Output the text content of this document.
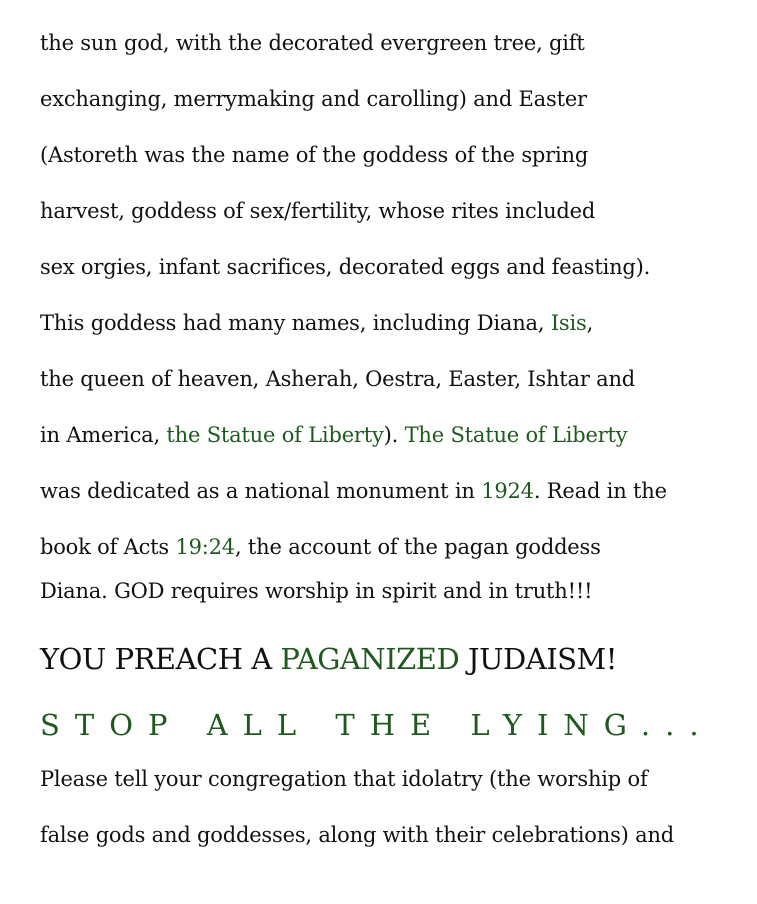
the sun god, with the decorated evergreen tree, gift
exchanging, merrymaking and carolling) and Easter
(Astoreth was the name of the goddess of the spring
harvest, goddess of sex/fertility, whose rites included
sex orgies, infant sacrifices, decorated eggs and feasting).
This goddess had many names, including Diana, Isis,
the queen of heaven, Asherah, Oestra, Easter, Ishtar and
in America, the Statue of Liberty). The Statue of Liberty
was dedicated as a national monument in 1924. Read in the
book of Acts 19:24, the account of the pagan goddess
Diana. GOD requires worship in spirit and in truth!!!
YOU PREACH A PAGANIZED JUDAISM!
STOP ALL THE LYING...
Please tell your congregation that idolatry (the worship of
false gods and goddesses, along with their celebrations) and
